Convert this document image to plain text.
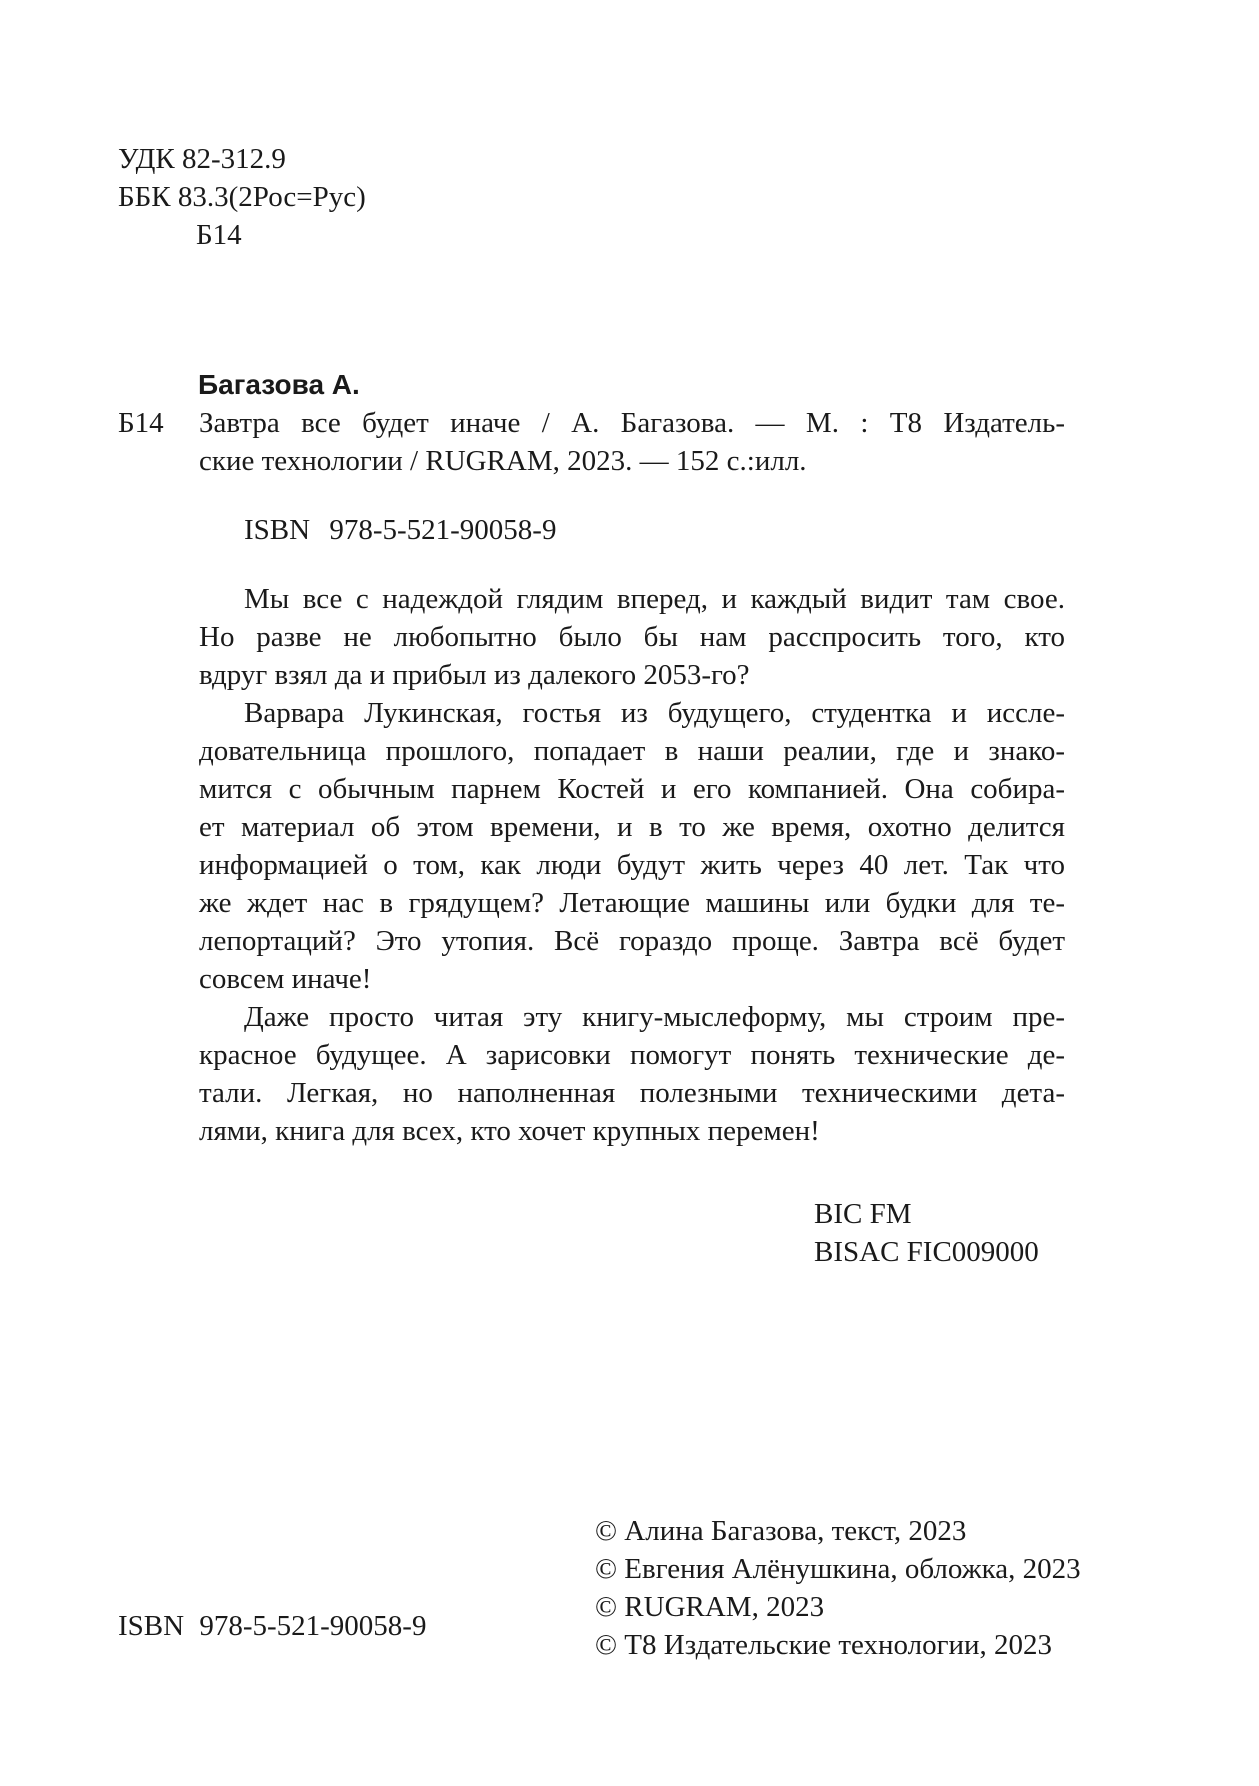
УДК 82-312.9
ББК 83.3(2Рос=Рус)
Б14
Багазова А.
Б14 Завтра все будет иначе / А. Багазова. — М. : Т8 Издатель-
ские технологии / RUGRAM, 2023. — 152 с.:илл.
ISBN 978-5-521-90058-9
Мы все с надеждой глядим вперед, и каждый видит там свое.
Но разве не любопытно было бы нам расспросить того, кто
вдруг взял да и прибыл из далекого 2053-го?
Варвара Лукинская, гостья из будущего, студентка и иссле-
довательница прошлого, попадает в наши реалии, где и знако-
мится с обычным парнем Костей и его компанией. Она собира-
ет материал об этом времени, и в то же время, охотно делится
информацией о том, как люди будут жить через 40 лет. Так что
же ждет нас в грядущем? Летающие машины или будки для те-
лепортаций? Это утопия. Всё гораздо проще. Завтра всё будет
совсем иначе!
Даже просто читая эту книгу-мыслеформу, мы строим пре-
красное будущее. А зарисовки помогут понять технические де-
тали. Легкая, но наполненная полезными техническими дета-
лями, книга для всех, кто хочет крупных перемен!
BIC FM
BISAC FIC009000
© Алина Багазова, текст, 2023
© Евгения Алёнушкина, обложка, 2023
© RUGRAM, 2023
© Т8 Издательские технологии, 2023
ISBN 978-5-521-90058-9
